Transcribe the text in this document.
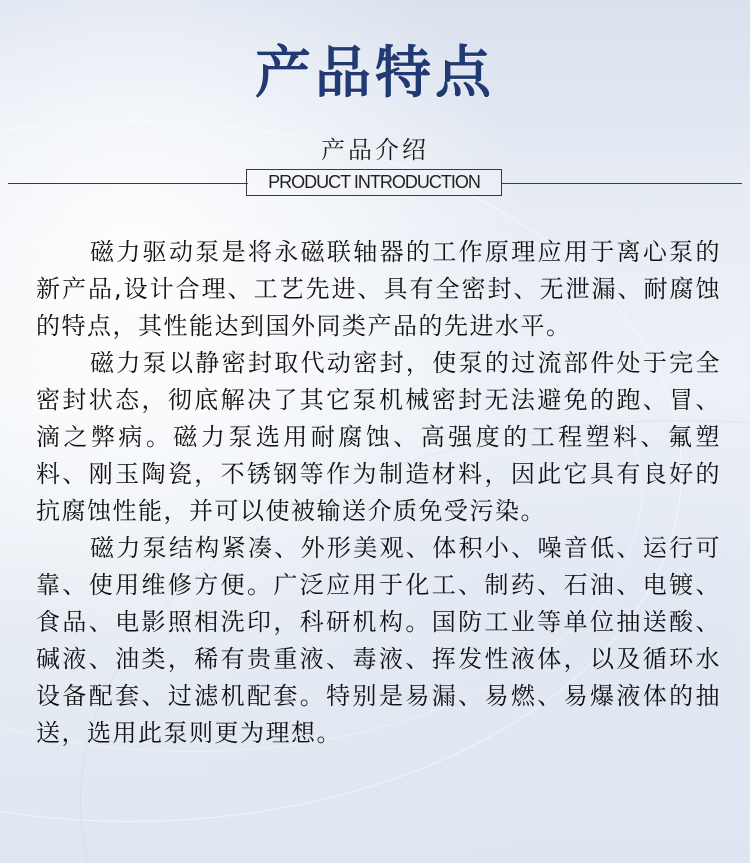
产品特点
产品介绍
PRODUCT INTRODUCTION

磁力驱动泵是将永磁联轴器的工作原理应用于离心泵的新产品,设计合理、工艺先进、具有全密封、无泄漏、耐腐蚀的特点，其性能达到国外同类产品的先进水平。

磁力泵以静密封取代动密封，使泵的过流部件处于完全密封状态，彻底解决了其它泵机械密封无法避免的跑、冒、滴之弊病。磁力泵选用耐腐蚀、高强度的工程塑料、氟塑料、刚玉陶瓷，不锈钢等作为制造材料，因此它具有良好的抗腐蚀性能，并可以使被输送介质免受污染。

磁力泵结构紧凑、外形美观、体积小、噪音低、运行可靠、使用维修方便。广泛应用于化工、制药、石油、电镀、食品、电影照相洗印，科研机构。国防工业等单位抽送酸、碱液、油类，稀有贵重液、毒液、挥发性液体，以及循环水设备配套、过滤机配套。特别是易漏、易燃、易爆液体的抽送，选用此泵则更为理想。
